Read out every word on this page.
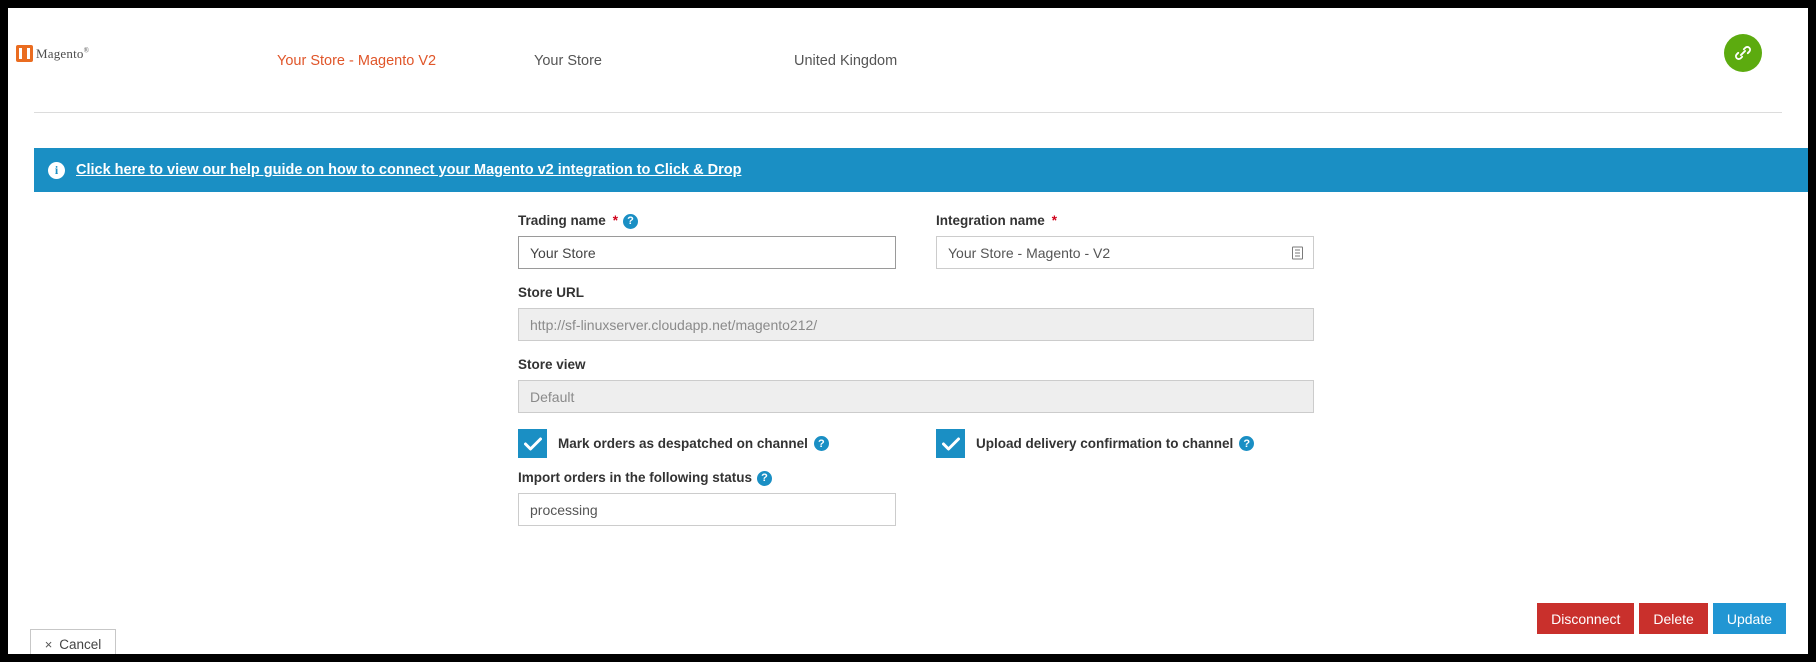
Magento®
Your Store - Magento V2	Your Store	United Kingdom
i	Click here to view our help guide on how to connect your Magento v2 integration to Click & Drop
Trading name * ?
Your Store
Integration name *
Your Store - Magento - V2
Store URL
http://sf-linuxserver.cloudapp.net/magento212/
Store view
Default
Mark orders as despatched on channel ?	Upload delivery confirmation to channel ?
Import orders in the following status ?
processing
Disconnect	Delete	Update
× Cancel
